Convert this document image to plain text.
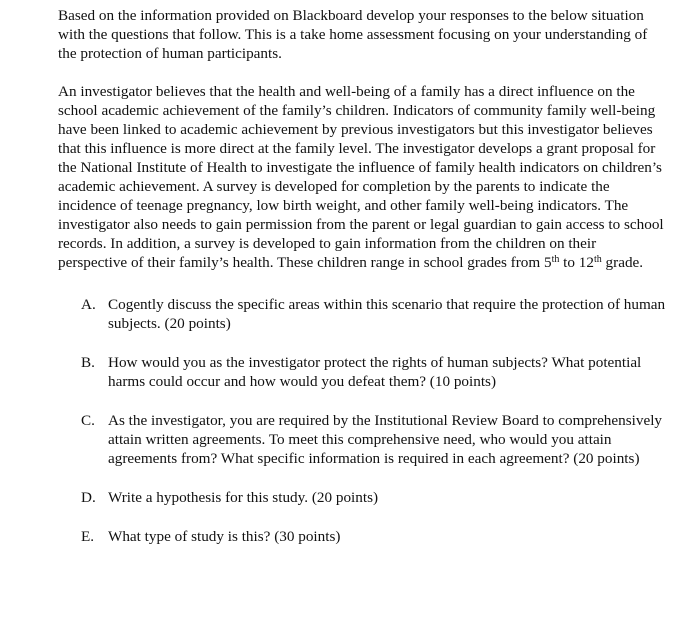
Based on the information provided on Blackboard develop your responses to the below situation with the questions that follow. This is a take home assessment focusing on your understanding of the protection of human participants.

An investigator believes that the health and well-being of a family has a direct influence on the school academic achievement of the family’s children. Indicators of community family well-being have been linked to academic achievement by previous investigators but this investigator believes that this influence is more direct at the family level. The investigator develops a grant proposal for the National Institute of Health to investigate the influence of family health indicators on children’s academic achievement. A survey is developed for completion by the parents to indicate the incidence of teenage pregnancy, low birth weight, and other family well-being indicators. The investigator also needs to gain permission from the parent or legal guardian to gain access to school records. In addition, a survey is developed to gain information from the children on their perspective of their family’s health. These children range in school grades from 5th to 12th grade.

A. Cogently discuss the specific areas within this scenario that require the protection of human subjects. (20 points)
B. How would you as the investigator protect the rights of human subjects? What potential harms could occur and how would you defeat them? (10 points)
C. As the investigator, you are required by the Institutional Review Board to comprehensively attain written agreements. To meet this comprehensive need, who would you attain agreements from? What specific information is required in each agreement? (20 points)
D. Write a hypothesis for this study. (20 points)
E. What type of study is this? (30 points)
